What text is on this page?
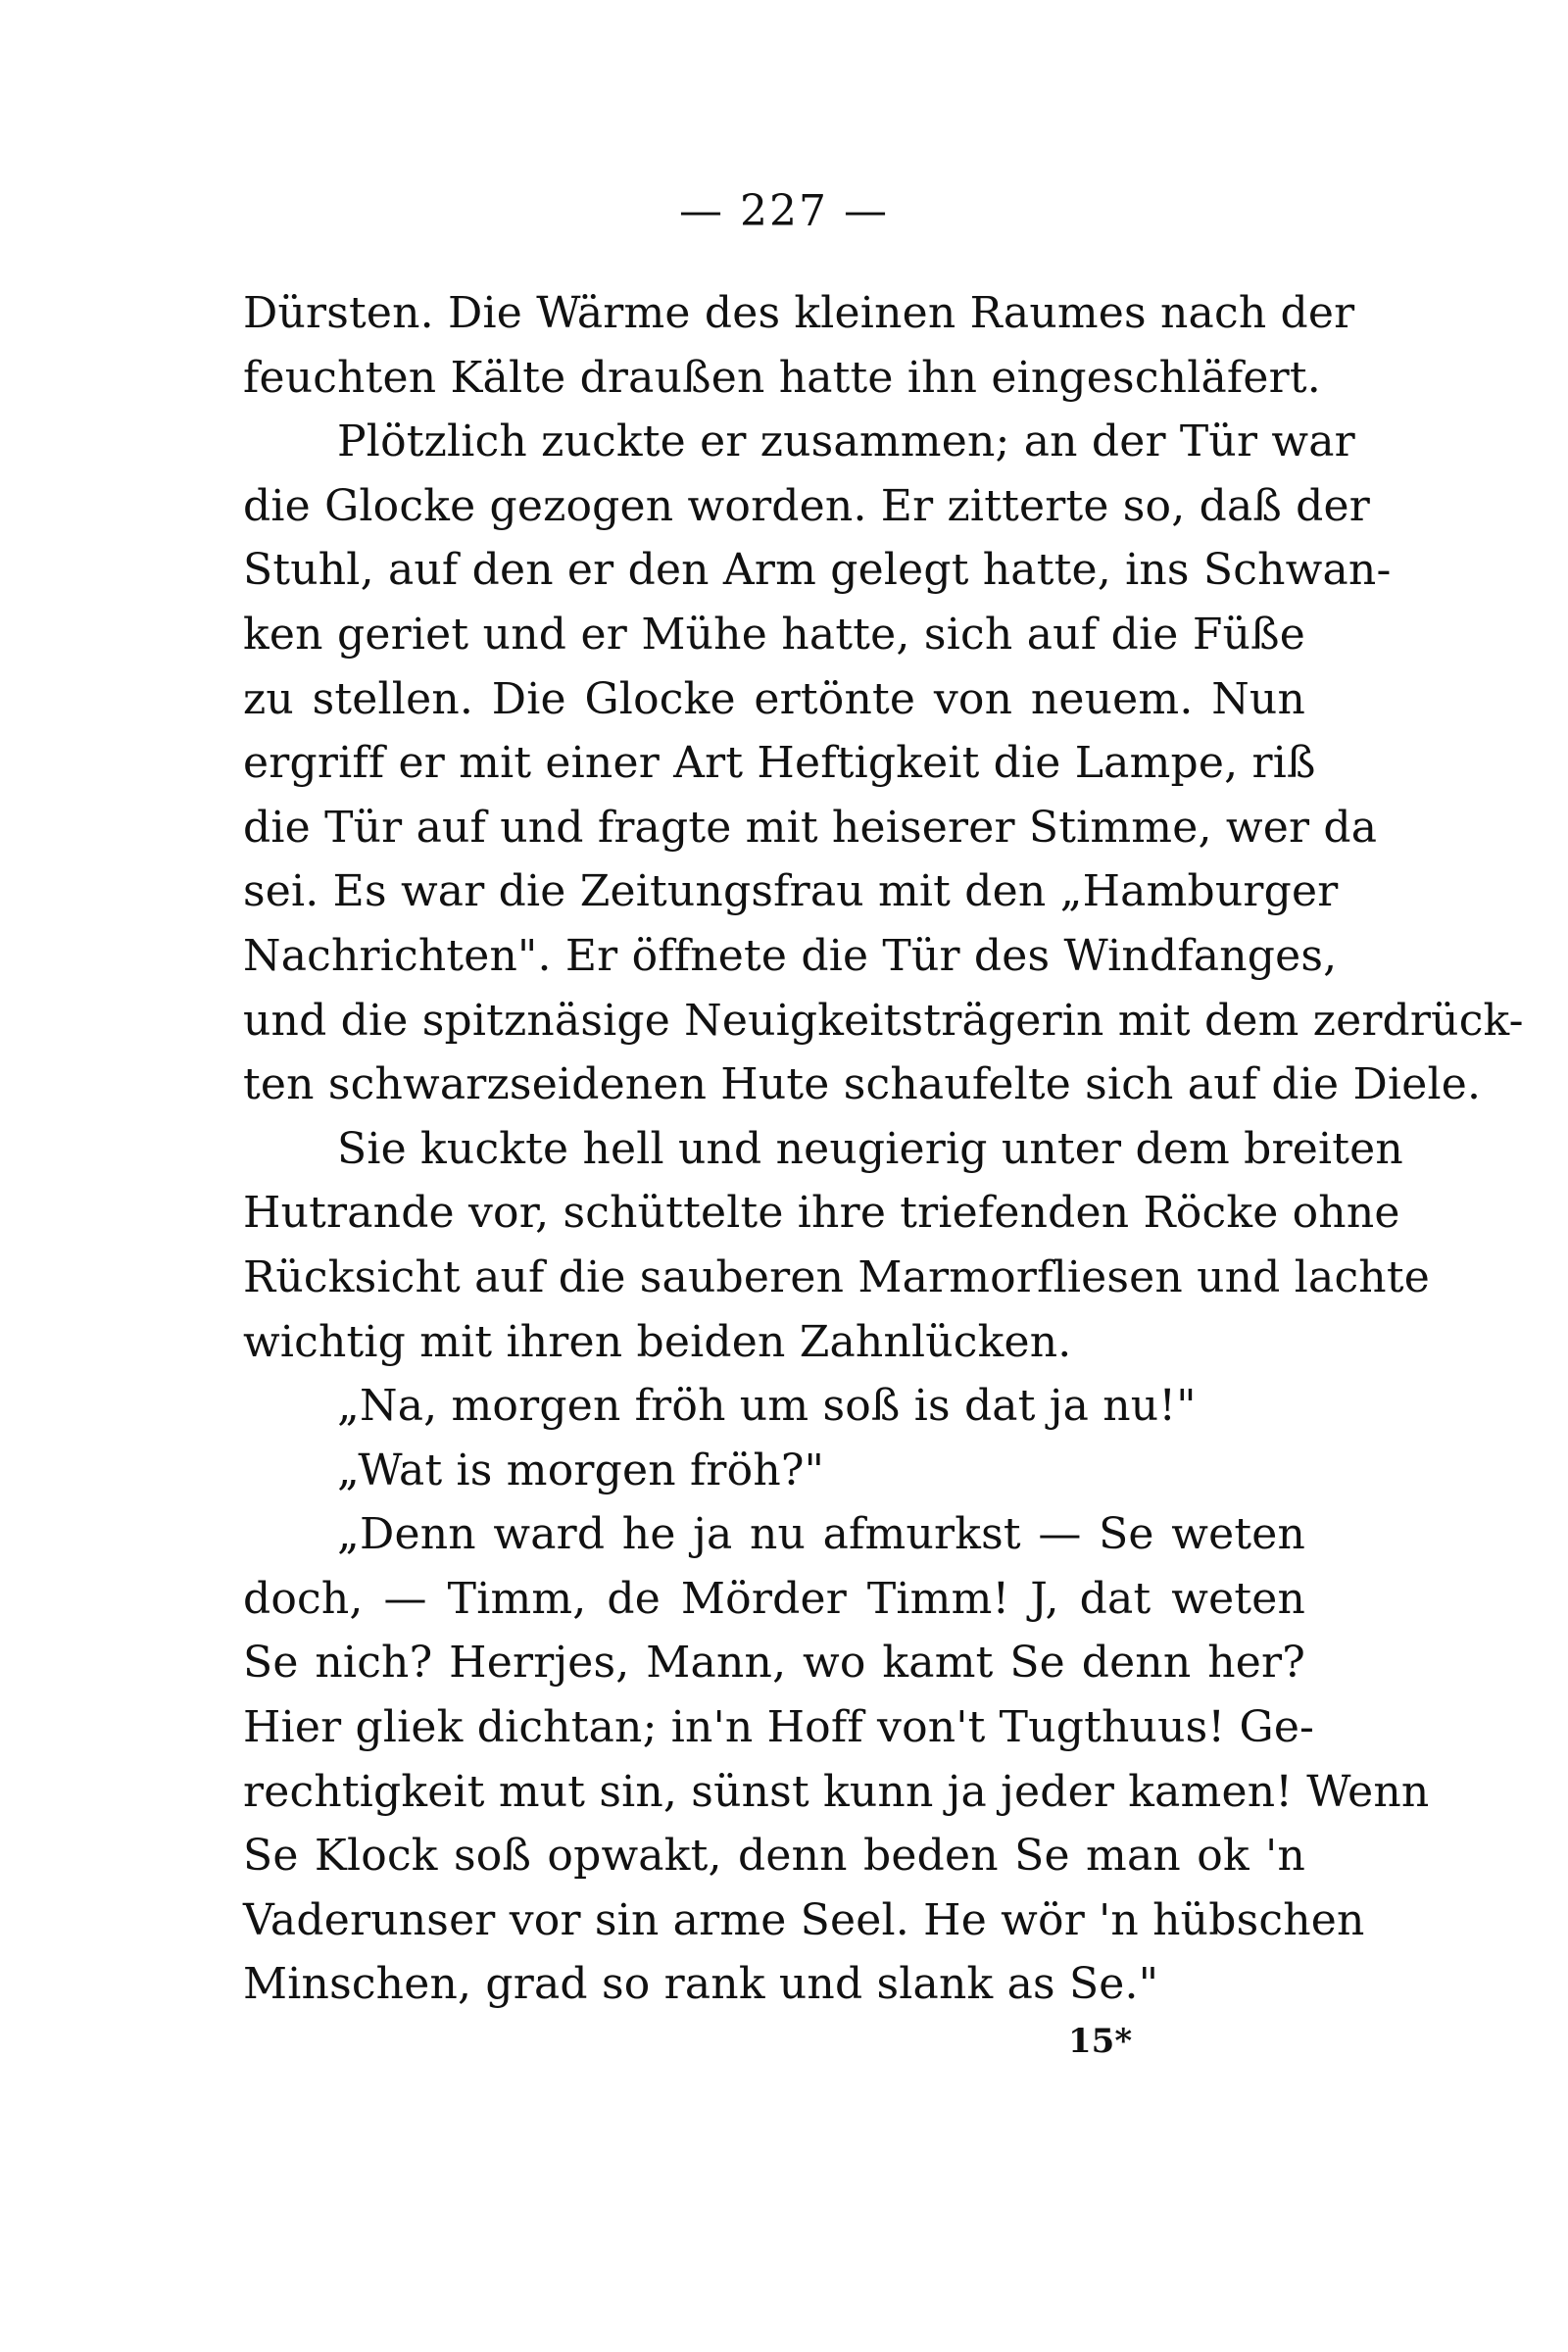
— 227 —
Dürsten. Die Wärme des kleinen Raumes nach der
feuchten Kälte draußen hatte ihn eingeschläfert.
Plötzlich zuckte er zusammen; an der Tür war
die Glocke gezogen worden. Er zitterte so, daß der
Stuhl, auf den er den Arm gelegt hatte, ins Schwan-
ken geriet und er Mühe hatte, sich auf die Füße
zu stellen. Die Glocke ertönte von neuem. Nun
ergriff er mit einer Art Heftigkeit die Lampe, riß
die Tür auf und fragte mit heiserer Stimme, wer da
sei. Es war die Zeitungsfrau mit den „Hamburger
Nachrichten". Er öffnete die Tür des Windfanges,
und die spitznäsige Neuigkeitsträgerin mit dem zerdrück-
ten schwarzseidenen Hute schaufelte sich auf die Diele.
Sie kuckte hell und neugierig unter dem breiten
Hutrande vor, schüttelte ihre triefenden Röcke ohne
Rücksicht auf die sauberen Marmorfliesen und lachte
wichtig mit ihren beiden Zahnlücken.
„Na, morgen fröh um soß is dat ja nu!"
„Wat is morgen fröh?"
„Denn ward he ja nu afmurkst — Se weten
doch, — Timm, de Mörder Timm! J, dat weten
Se nich? Herrjes, Mann, wo kamt Se denn her?
Hier gliek dichtan; in'n Hoff von't Tugthuus! Ge-
rechtigkeit mut sin, sünst kunn ja jeder kamen! Wenn
Se Klock soß opwakt, denn beden Se man ok 'n
Vaderunser vor sin arme Seel. He wör 'n hübschen
Minschen, grad so rank und slank as Se."
15*
